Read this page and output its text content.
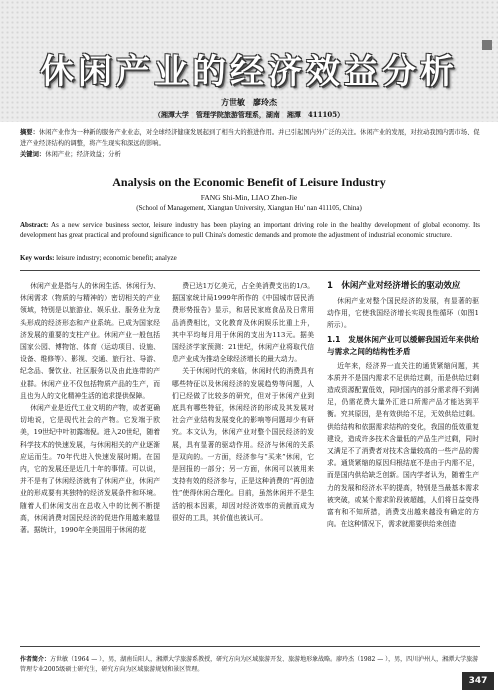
休闲产业的经济效益分析
方世敏　廖玲杰
（湘潭大学　管理学院旅游管理系，湖南　湘潭　411105）
摘要：休闲产业作为一种新的服务产业业态，对全球经济健康发展起到了相当大的推进作用。并已引起国内外广泛的关注。休闲产业的发展，对拉动我国内需市场、促进产业经济结构的调整，将产生现实和深远的影响。
关键词：休闲产业；经济效益；分析
Analysis on the Economic Benefit of Leisure Industry
FANG Shi-Min, LIAO Zhen-Jie
(School of Management, Xiangtan University, Xiangtan Hu’ nan 411105, China)
Abstract: As a new service business sector, leisure industry has been playing an important driving role in the healthy development of global economy. Its development has great practical and profound significance to pull China's domestic demands and promote the adjustment of industrial economic structure.
Key words: leisure industry; economic benefit; analyze

休闲产业是指与人的休闲生活、休闲行为、休闲需求（物质的与精神的）密切相关的产业领域，特别是以旅游业、娱乐业、服务业为龙头形成的经济形态和产业系统。已成为国家经济发展的重要的支柱产业。休闲产业一般包括国家公园、博物馆、体育（运动项目、设施、设备、维修等）、影视、交通、旅行社、导游、纪念品、餐饮业、社区服务以及由此连带的产业群。休闲产业不仅包括物质产品的生产，而且也为人的文化精神生活的追求提供保障。

休闲产业是近代工业文明的产物，或者更确切地说，它是现代社会的产物。它发端于欧美，19世纪中叶初露端倪。进入20世纪，随着科学技术的快速发展，与休闲相关的产业逐渐应运而生。70年代进入快速发展时期。在国内，它的发展还是近几十年的事情。可以说，并不是有了休闲经济就有了休闲产业，休闲产业的形成要有其独特的经济发展条件和环境。随着人们休闲支出在总收入中的比例不断提高，休闲消费对国民经济的促进作用越来越显著。据统计，1990年全美国用于休闲的花

费已达1万亿美元，占全美消费支出的1/3。据国家统计局1999年所作的《中国城市居民消费形势报告》显示，和居民家庭食品及日常用品消费相比，文化教育及休闲娱乐比重上升，其中平均每月用于休闲的支出为113元。据美国经济学家预测：21世纪，休闲产业将取代信息产业成为推动全球经济增长的最大动力。

关于休闲时代的来临，休闲时代的消费具有哪些特征以及休闲经济的发展趋势等问题，人们已经做了比较多的研究，但对于休闲产业到底具有哪些特征，休闲经济的形成及其发展对社会产业结构发展变化的影响等问题却少有研究。本文认为，休闲产业对整个国民经济的发展，具有显著的驱动作用。经济与休闲的关系是双向的。一方面，经济参与“买来”休闲，它是回报的一部分；另一方面，休闲可以被用来支持有效的经济参与，正是这种消费的“再创造性”使得休闲合理化。目前，虽然休闲并不是生活的根本因素，却因对经济效率的贡献而成为很好的工具，其价值也被认可。

1　休闲产业对经济增长的驱动效应

休闲产业对整个国民经济的发展，有显著的驱动作用，它使我国经济增长实现良性循环（如图1所示）。

1.1　发展休闲产业可以缓解我国近年来供给与需求之间的结构性矛盾

近年来，经济界一直关注的通货紧缩问题，其本质并不是国内需求不足供给过剩，而是供给过剩造成资源配置低效，同时国内的部分需求得不到满足，仍需花费大量外汇进口所需产品才能达到平衡。究其原因，是有效供给不足，无效供给过剩。供给结构和依据需求结构的变化，我国的低效重复建设，造成许多技术含量低的产品生产过剩，同时又满足不了消费者对技术含量较高的一些产品的需求。通货紧缩的原因归根结底不是由于内需不足，而是国内供给缺乏创新。国内学者认为，随着生产力的发展和经济水平的提高，特别是当最基本需求被突破，或某个需求阶段被超越，人们将日益变得富有和不知所措，消费支出越来越没有确定的方向。在这种情况下，需求就需要供给来创造

作者简介：方世敏（1964 — ），男，湖南岳阳人，湘潭大学旅游系教授，研究方向为区域旅游开发、旅游地形象战略。廖玲杰（1982 — ），男，四川泸州人，湘潭大学旅游管理专业2005级硕士研究生，研究方向为区域旅游规划和景区管理。
347
